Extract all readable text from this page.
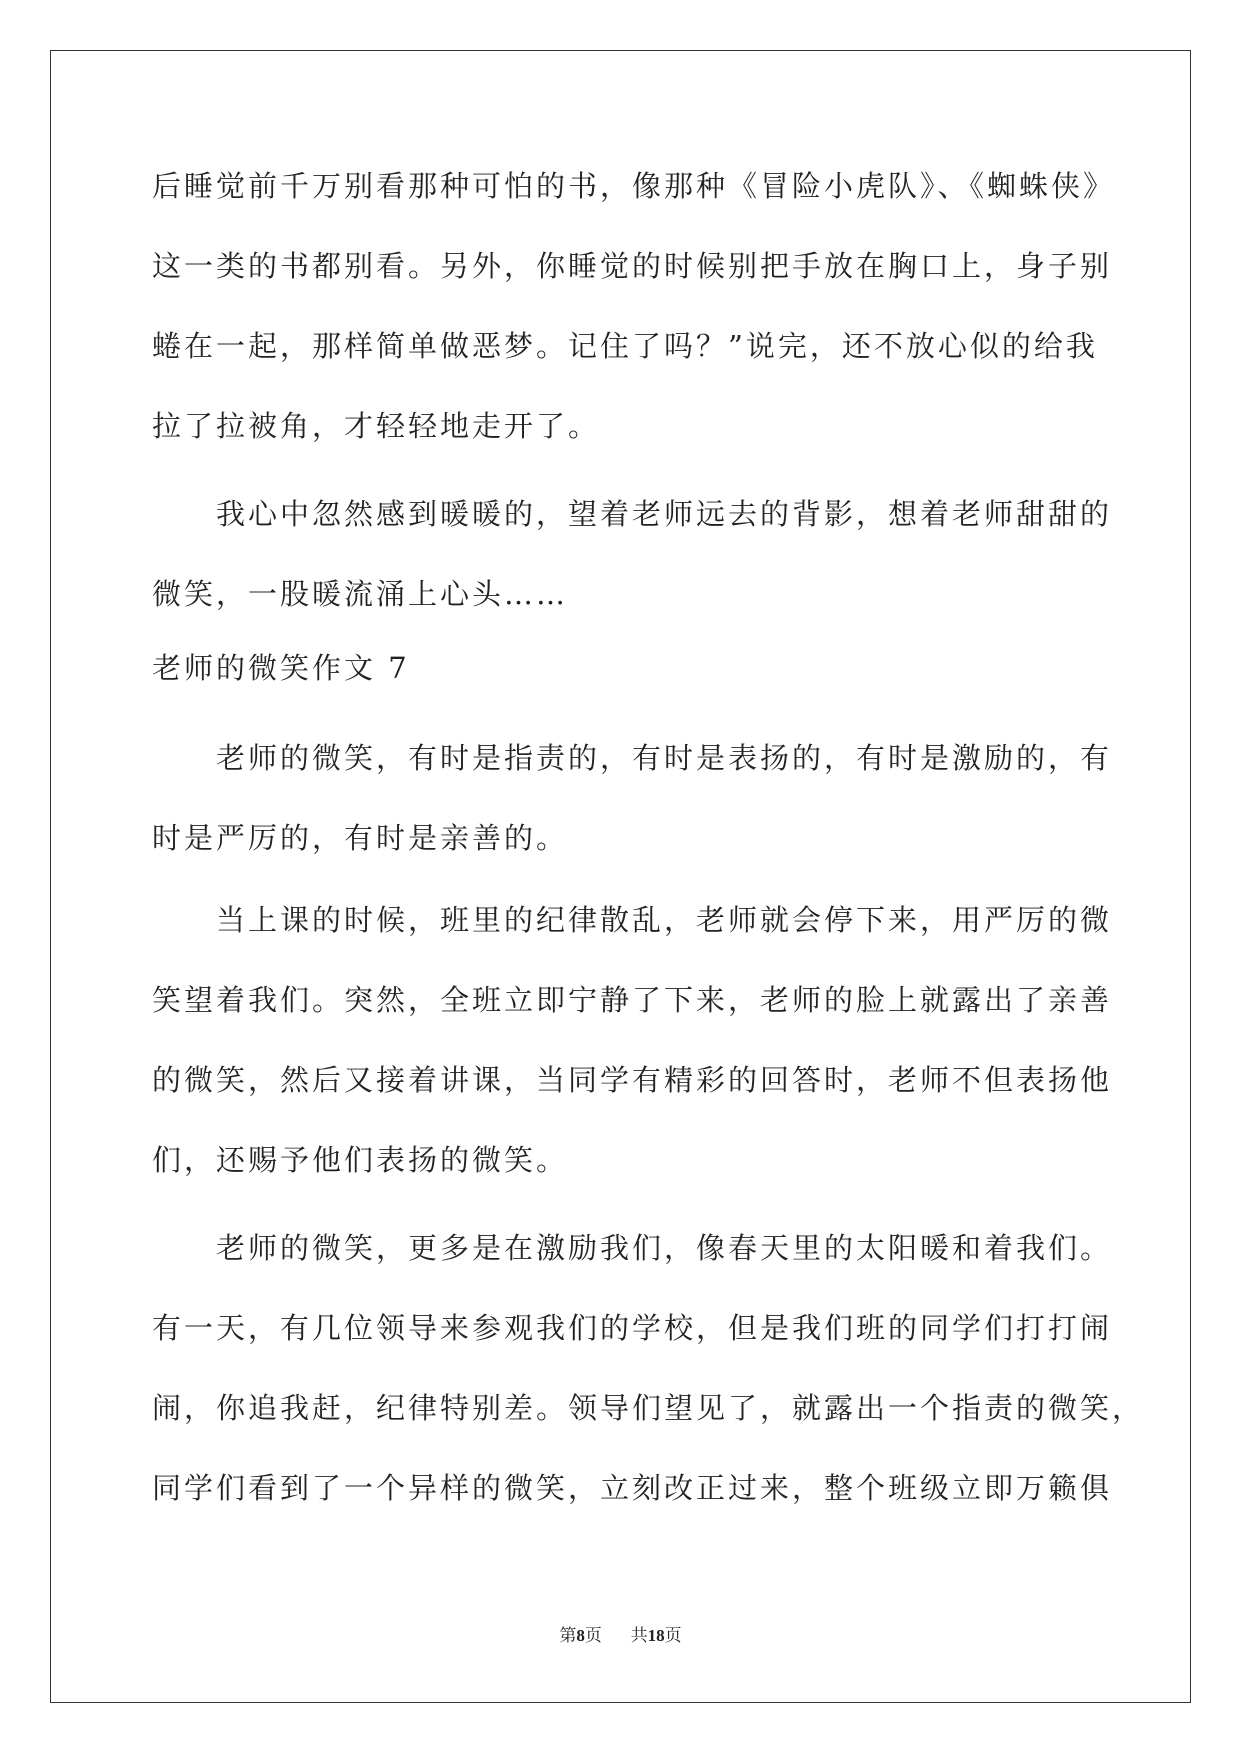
后睡觉前千万别看那种可怕的书，像那种《冒险小虎队》、《蜘蛛侠》
这一类的书都别看。另外，你睡觉的时候别把手放在胸口上，身子别
蜷在一起，那样简单做恶梦。记住了吗？”说完，还不放心似的给我
拉了拉被角，才轻轻地走开了。
　　我心中忽然感到暖暖的，望着老师远去的背影，想着老师甜甜的
微笑，一股暖流涌上心头……
老师的微笑作文 7
　　老师的微笑，有时是指责的，有时是表扬的，有时是激励的，有
时是严厉的，有时是亲善的。
　　当上课的时候，班里的纪律散乱，老师就会停下来，用严厉的微
笑望着我们。突然，全班立即宁静了下来，老师的脸上就露出了亲善
的微笑，然后又接着讲课，当同学有精彩的回答时，老师不但表扬他
们，还赐予他们表扬的微笑。
　　老师的微笑，更多是在激励我们，像春天里的太阳暖和着我们。
有一天，有几位领导来参观我们的学校，但是我们班的同学们打打闹
闹，你追我赶，纪律特别差。领导们望见了，就露出一个指责的微笑，
同学们看到了一个异样的微笑，立刻改正过来，整个班级立即万籁俱
第8页 共18页
